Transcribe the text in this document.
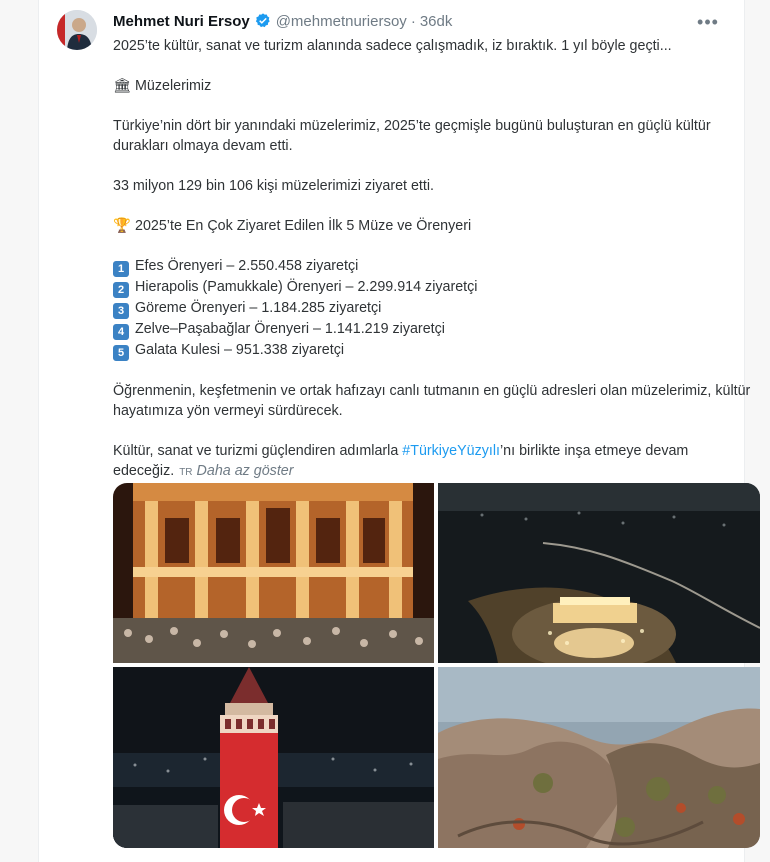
Mehmet Nuri Ersoy @mehmetnuriersoy · 36dk	•••
2025’te kültür, sanat ve turizm alanında sadece çalışmadık, iz bıraktık. 1 yıl böyle geçti...
🏛 Müzelerimiz
Türkiye’nin dört bir yanındaki müzelerimiz, 2025’te geçmişle bugünü buluşturan en güçlü kültür durakları olmaya devam etti.
33 milyon 129 bin 106 kişi müzelerimizi ziyaret etti.
🏆 2025’te En Çok Ziyaret Edilen İlk 5 Müze ve Örenyeri
1 Efes Örenyeri – 2.550.458 ziyaretçi
2 Hierapolis (Pamukkale) Örenyeri – 2.299.914 ziyaretçi
3 Göreme Örenyeri – 1.184.285 ziyaretçi
4 Zelve–Paşabağlar Örenyeri – 1.141.219 ziyaretçi
5 Galata Kulesi – 951.338 ziyaretçi
Öğrenmenin, keşfetmenin ve ortak hafızayı canlı tutmanın en güçlü adresleri olan müzelerimiz, kültür hayatımıza yön vermeyi sürdürecek.
Kültür, sanat ve turizmi güçlendiren adımlarla #TürkiyeYüzyılı’nı birlikte inşa etmeye devam edeceğiz. TR Daha az göster
